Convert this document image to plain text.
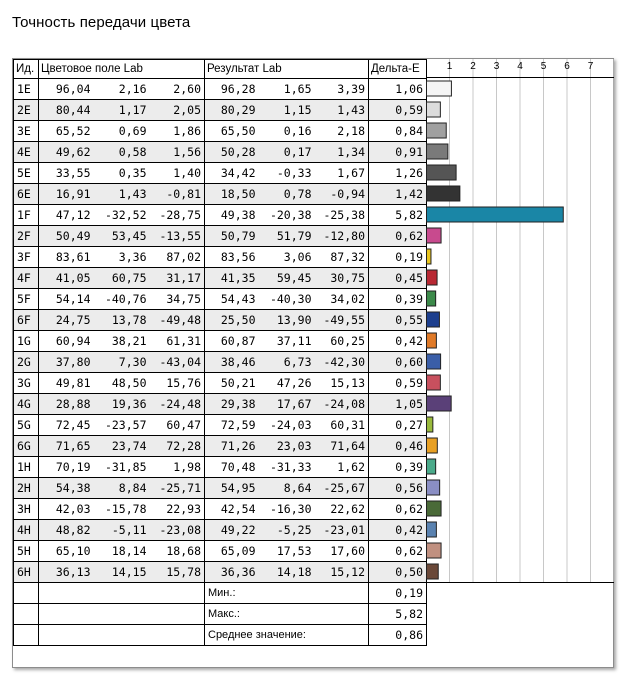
Точность передачи цвета
Ид.	Цветовое поле Lab			Результат Lab			Дельта-E
1E	96,04	2,16	2,60	96,28	1,65	3,39	1,06
2E	80,44	1,17	2,05	80,29	1,15	1,43	0,59
3E	65,52	0,69	1,86	65,50	0,16	2,18	0,84
4E	49,62	0,58	1,56	50,28	0,17	1,34	0,91
5E	33,55	0,35	1,40	34,42	-0,33	1,67	1,26
6E	16,91	1,43	-0,81	18,50	0,78	-0,94	1,42
1F	47,12	-32,52	-28,75	49,38	-20,38	-25,38	5,82
2F	50,49	53,45	-13,55	50,79	51,79	-12,80	0,62
3F	83,61	3,36	87,02	83,56	3,06	87,32	0,19
4F	41,05	60,75	31,17	41,35	59,45	30,75	0,45
5F	54,14	-40,76	34,75	54,43	-40,30	34,02	0,39
6F	24,75	13,78	-49,48	25,50	13,90	-49,55	0,55
1G	60,94	38,21	61,31	60,87	37,11	60,25	0,42
2G	37,80	7,30	-43,04	38,46	6,73	-42,30	0,60
3G	49,81	48,50	15,76	50,21	47,26	15,13	0,59
4G	28,88	19,36	-24,48	29,38	17,67	-24,08	1,05
5G	72,45	-23,57	60,47	72,59	-24,03	60,31	0,27
6G	71,65	23,74	72,28	71,26	23,03	71,64	0,46
1H	70,19	-31,85	1,98	70,48	-31,33	1,62	0,39
2H	54,38	8,84	-25,71	54,95	8,64	-25,67	0,56
3H	42,03	-15,78	22,93	42,54	-16,30	22,62	0,62
4H	48,82	-5,11	-23,08	49,22	-5,25	-23,01	0,42
5H	65,10	18,14	18,68	65,09	17,53	17,60	0,62
6H	36,13	14,15	15,78	36,36	14,18	15,12	0,50
				Мин.:			0,19
				Макс.:			5,82
				Среднее значение:			0,86
1 2 3 4 5 6 7
